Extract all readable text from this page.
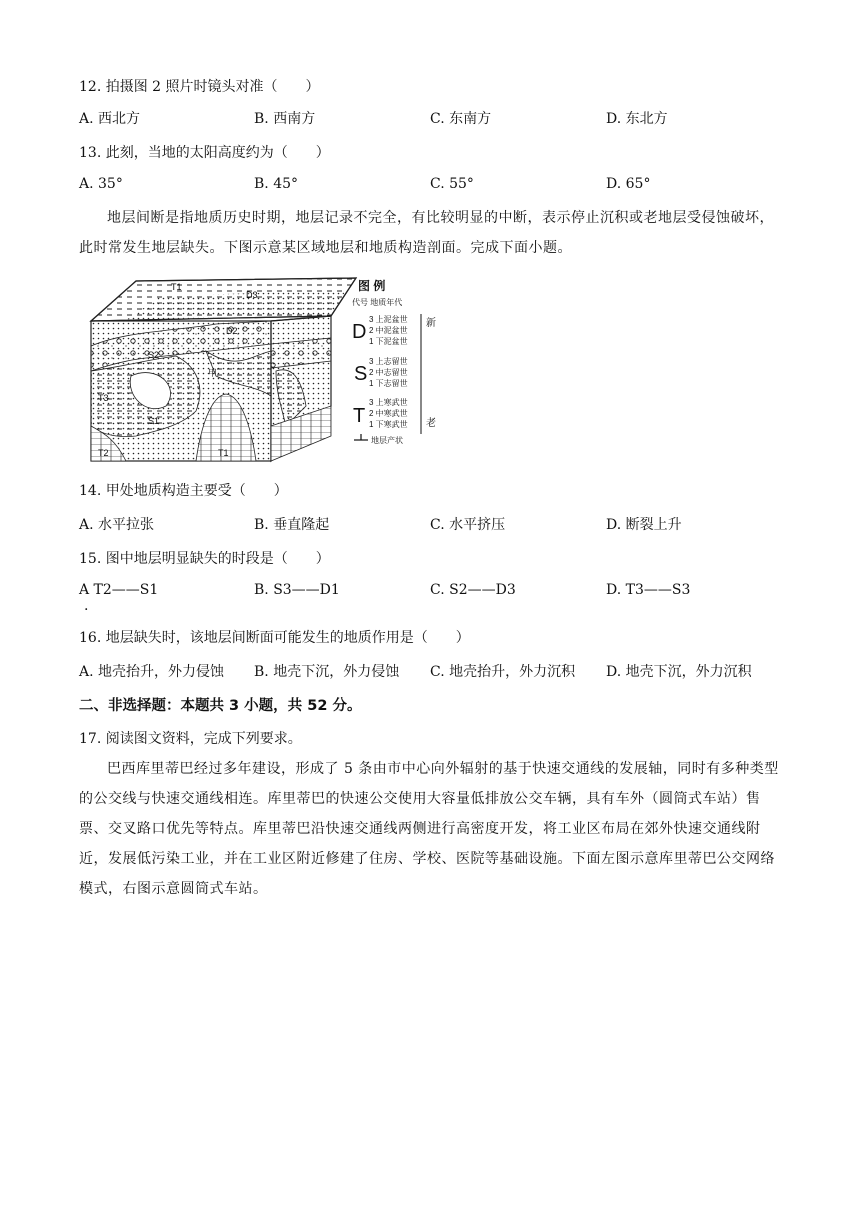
12. 拍摄图 2 照片时镜头对准（　　）
A. 西北方	B. 西南方	C. 东南方	D. 东北方
13. 此刻，当地的太阳高度约为（　　）
A. 35°	B. 45°	C. 55°	D. 65°
地层间断是指地质历史时期，地层记录不完全，有比较明显的中断，表示停止沉积或老地层受侵蚀破坏，此时常发生地层缺失。下图示意某区域地层和地质构造剖面。完成下面小题。
T1
D3
D2
甲
S2
S1
T3
T2	T1
图 例
代号 地质年代
新
老
D
3 上泥盆世
2 中泥盆世
1 下泥盆世
S
3 上志留世
2 中志留世
1 下志留世
T
3 上寒武世
2 中寒武世
1 下寒武世
地层产状
14. 甲处地质构造主要受（　　）
A. 水平拉张	B. 垂直隆起	C. 水平挤压	D. 断裂上升
15. 图中地层明显缺失的时段是（　　）
A T2——S1
.
B. S3——D1	C. S2——D3	D. T3——S3
16. 地层缺失时，该地层间断面可能发生的地质作用是（　　）
A. 地壳抬升，外力侵蚀 B. 地壳下沉，外力侵蚀 C. 地壳抬升，外力沉积 D. 地壳下沉，外力沉积
二、非选择题：本题共 3 小题，共 52 分。
17. 阅读图文资料，完成下列要求。
巴西库里蒂巴经过多年建设，形成了 5 条由市中心向外辐射的基于快速交通线的发展轴，同时有多种类型的公交线与快速交通线相连。库里蒂巴的快速公交使用大容量低排放公交车辆，具有车外（圆筒式车站）售票、交叉路口优先等特点。库里蒂巴沿快速交通线两侧进行高密度开发，将工业区布局在郊外快速交通线附近，发展低污染工业，并在工业区附近修建了住房、学校、医院等基础设施。下面左图示意库里蒂巴公交网络模式，右图示意圆筒式车站。
